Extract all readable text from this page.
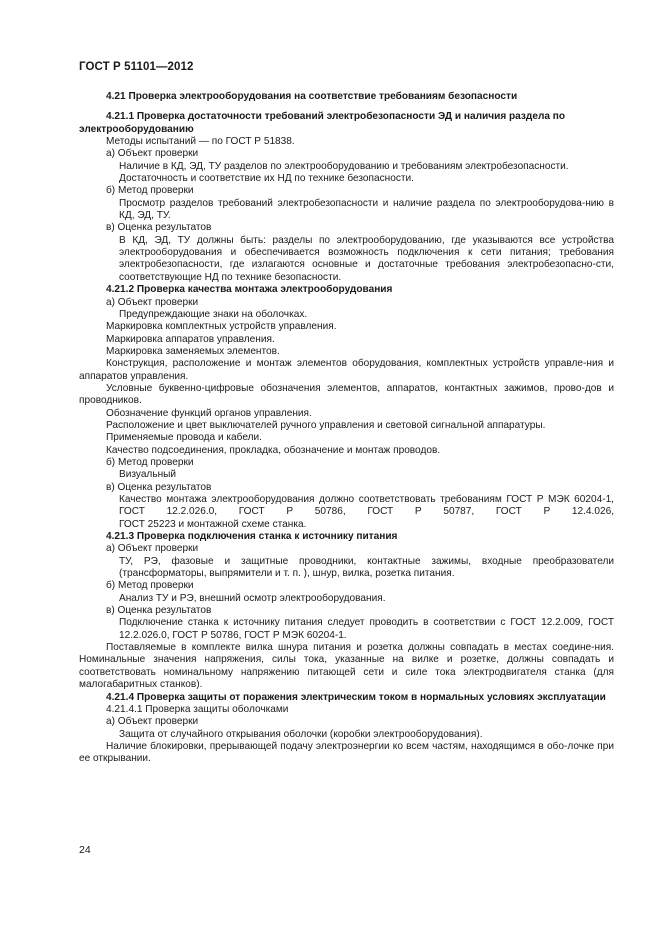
ГОСТ Р 51101—2012

4.21 Проверка электрооборудования на соответствие требованиям безопасности

4.21.1 Проверка достаточности требований электробезопасности ЭД и наличия раздела по электрооборудованию

Методы испытаний — по ГОСТ Р 51838.

а) Объект проверки

Наличие в КД, ЭД, ТУ разделов по электрооборудованию и требованиям электробезопасности.

Достаточность и соответствие их НД по технике безопасности.

б) Метод проверки

Просмотр разделов требований электробезопасности и наличие раздела по электрооборудова-нию в КД, ЭД, ТУ.

в) Оценка результатов

В КД, ЭД, ТУ должны быть: разделы по электрооборудованию, где указываются все устройства электрооборудования и обеспечивается возможность подключения к сети питания; требования электробезопасности, где излагаются основные и достаточные требования электробезопасно-сти, соответствующие НД по технике безопасности.

4.21.2 Проверка качества монтажа электрооборудования

а) Объект проверки

Предупреждающие знаки на оболочках.

Маркировка комплектных устройств управления.

Маркировка аппаратов управления.

Маркировка заменяемых элементов.

Конструкция, расположение и монтаж элементов оборудования, комплектных устройств управле-ния и аппаратов управления.

Условные буквенно-цифровые обозначения элементов, аппаратов, контактных зажимов, прово-дов и проводников.

Обозначение функций органов управления.

Расположение и цвет выключателей ручного управления и световой сигнальной аппаратуры.

Применяемые провода и кабели.

Качество подсоединения, прокладка, обозначение и монтаж проводов.

б) Метод проверки

Визуальный

в) Оценка результатов

Качество монтажа электрооборудования должно соответствовать требованиям ГОСТ Р МЭК 60204-1, ГОСТ 12.2.026.0, ГОСТ Р 50786, ГОСТ Р 50787, ГОСТ Р 12.4.026,

ГОСТ 25223 и монтажной схеме станка.

4.21.3 Проверка подключения станка к источнику питания

а) Объект проверки

ТУ, РЭ, фазовые и защитные проводники, контактные зажимы, входные преобразователи (трансформаторы, выпрямители и т. п. ), шнур, вилка, розетка питания.

б) Метод проверки

Анализ ТУ и РЭ, внешний осмотр электрооборудования.

в) Оценка результатов

Подключение станка к источнику питания следует проводить в соответствии с ГОСТ 12.2.009, ГОСТ 12.2.026.0, ГОСТ Р 50786, ГОСТ Р МЭК 60204-1.

Поставляемые в комплекте вилка шнура питания и розетка должны совпадать в местах соедине-ния. Номинальные значения напряжения, силы тока, указанные на вилке и розетке, должны совпадать и соответствовать номинальному напряжению питающей сети и силе тока электродвигателя станка (для малогабаритных станков).

4.21.4 Проверка защиты от поражения электрическим током в нормальных условиях эксплуатации

4.21.4.1 Проверка защиты оболочками

а) Объект проверки

Защита от случайного открывания оболочки (коробки электрооборудования).

Наличие блокировки, прерывающей подачу электроэнергии ко всем частям, находящимся в обо-лочке при ее открывании.

24
